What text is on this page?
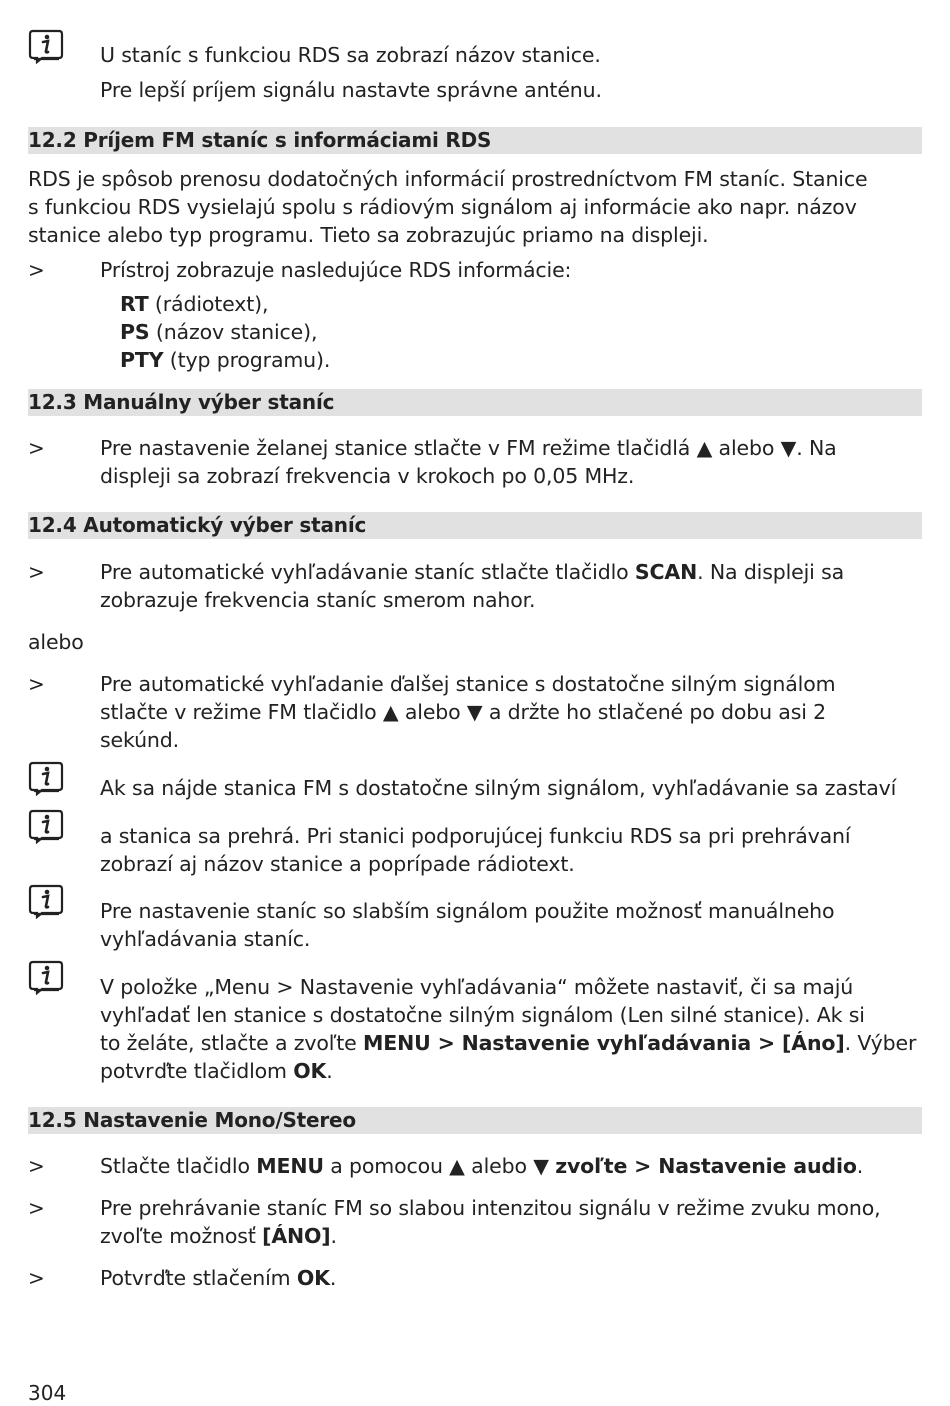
U staníc s funkciou RDS sa zobrazí názov stanice.
Pre lepší príjem signálu nastavte správne anténu.
12.2 Príjem FM staníc s informáciami RDS
RDS je spôsob prenosu dodatočných informácií prostredníctvom FM staníc. Stanice
s funkciou RDS vysielajú spolu s rádiovým signálom aj informácie ako napr. názov
stanice alebo typ programu. Tieto sa zobrazujúc priamo na displeji.
>	Prístroj zobrazuje nasledujúce RDS informácie:
RT (rádiotext),
PS (názov stanice),
PTY (typ programu).
12.3 Manuálny výber staníc
>	Pre nastavenie želanej stanice stlačte v FM režime tlačidlá ▲ alebo ▼. Na
displeji sa zobrazí frekvencia v krokoch po 0,05 MHz.
12.4 Automatický výber staníc
>	Pre automatické vyhľadávanie staníc stlačte tlačidlo SCAN. Na displeji sa
zobrazuje frekvencia staníc smerom nahor.
alebo
>	Pre automatické vyhľadanie ďalšej stanice s dostatočne silným signálom
stlačte v režime FM tlačidlo ▲ alebo ▼ a držte ho stlačené po dobu asi 2
sekúnd.
Ak sa nájde stanica FM s dostatočne silným signálom, vyhľadávanie sa zastaví
a stanica sa prehrá. Pri stanici podporujúcej funkciu RDS sa pri prehrávaní
zobrazí aj názov stanice a poprípade rádiotext.
Pre nastavenie staníc so slabším signálom použite možnosť manuálneho
vyhľadávania staníc.
V položke „Menu > Nastavenie vyhľadávania“ môžete nastaviť, či sa majú
vyhľadať len stanice s dostatočne silným signálom (Len silné stanice). Ak si
to želáte, stlačte a zvoľte MENU > Nastavenie vyhľadávania > [Áno]. Výber
potvrďte tlačidlom OK.
12.5 Nastavenie Mono/Stereo
>	Stlačte tlačidlo MENU a pomocou ▲ alebo ▼ zvoľte > Nastavenie audio.
>	Pre prehrávanie staníc FM so slabou intenzitou signálu v režime zvuku mono,
zvoľte možnosť [ÁNO].
>	Potvrďte stlačením OK.
304
